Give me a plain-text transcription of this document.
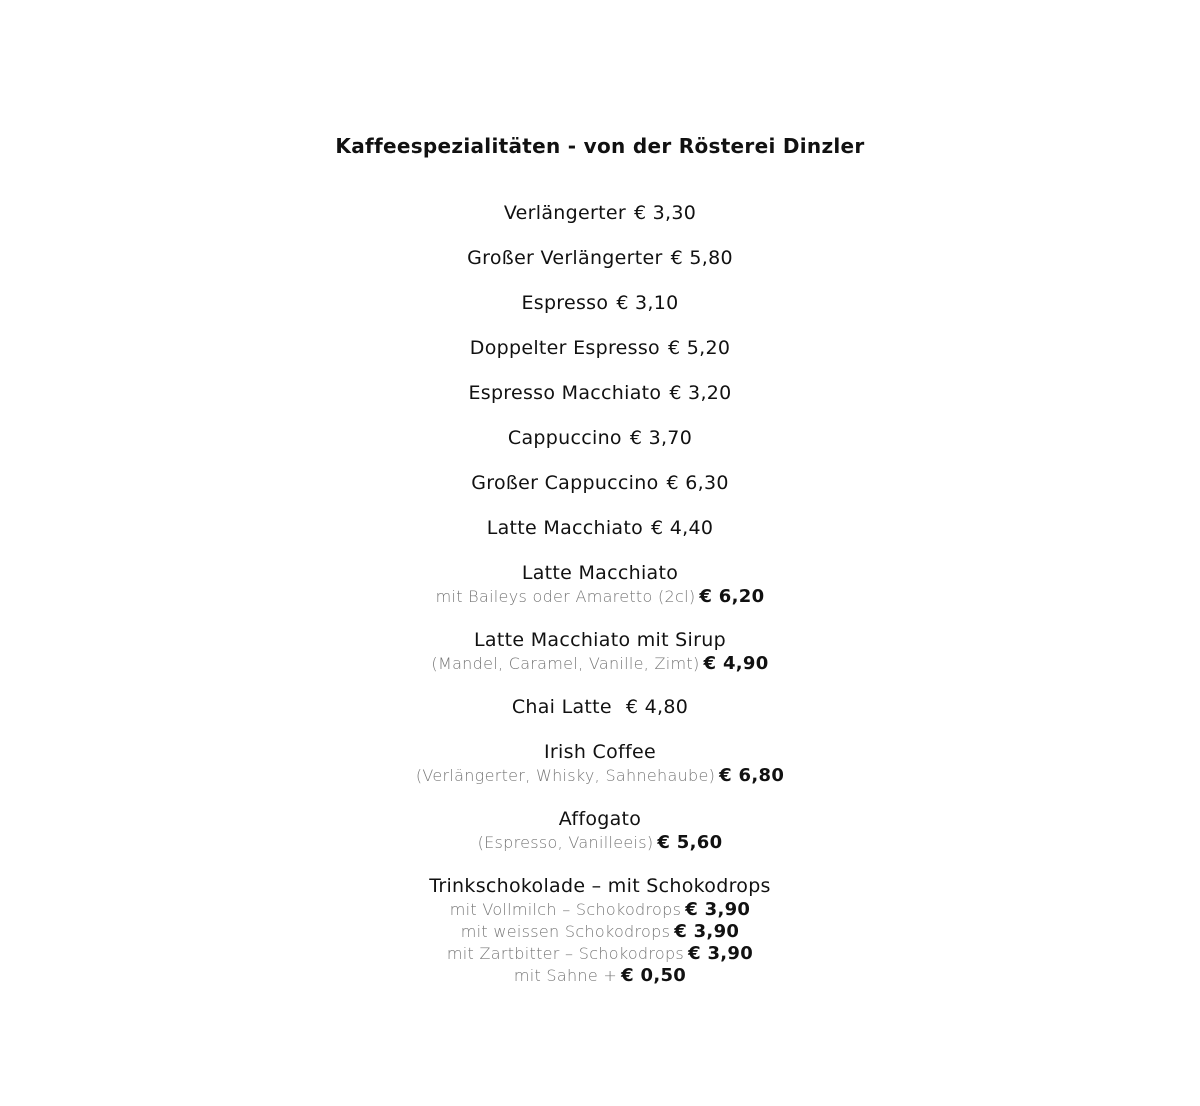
Kaffeespezialitäten - von der Rösterei Dinzler
Verlängerter € 3,30
Großer Verlängerter € 5,80
Espresso € 3,10
Doppelter Espresso € 5,20
Espresso Macchiato € 3,20
Cappuccino € 3,70
Großer Cappuccino € 6,30
Latte Macchiato € 4,40
Latte Macchiato
mit Baileys oder Amaretto (2cl) € 6,20
Latte Macchiato mit Sirup
(Mandel, Caramel, Vanille, Zimt) € 4,90
Chai Latte € 4,80
Irish Coffee
(Verlängerter, Whisky, Sahnehaube) € 6,80
Affogato
(Espresso, Vanilleeis) € 5,60
Trinkschokolade – mit Schokodrops
mit Vollmilch – Schokodrops € 3,90
mit weissen Schokodrops € 3,90
mit Zartbitter – Schokodrops € 3,90
mit Sahne + € 0,50
